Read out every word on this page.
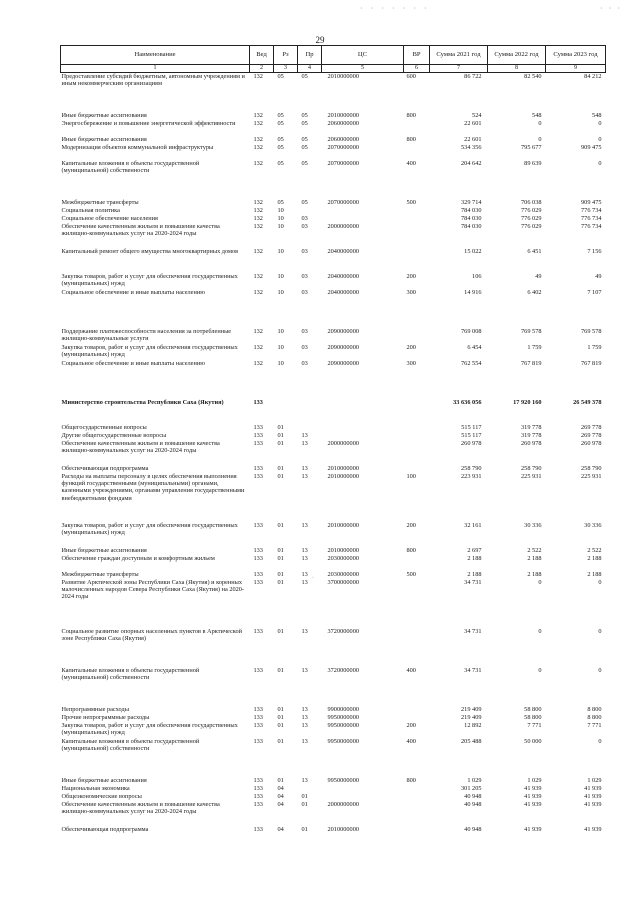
· · · · · · ·	· · ·
29
Наименование	Вед	Рз	Пр	ЦС	ВР	Сумма 2021 год	Сумма 2022 год	Сумма 2023 год
1	2	3	4	5	6	7	8	9
Предоставление субсидий бюджетным, автономным учреждениям и иным некоммерческим организациям	132	05	05	2010000000	600	86 722	82 540	84 212

Иные бюджетные ассигнования	132	05	05	2010000000	800	524	548	548
Энергосбережение и повышение энергетической эффективности	132	05	05	2060000000		22 601	0	0
Иные бюджетные ассигнования	132	05	05	2060000000	800	22 601	0	0
Модернизация объектов коммунальной инфраструктуры	132	05	05	2070000000		534 356	795 677	909 475
Капитальные вложения в объекты государственной (муниципальной) собственности	132	05	05	2070000000	400	204 642	89 639	0

Межбюджетные трансферты	132	05	05	2070000000	500	329 714	706 038	909 475
Социальная политика	132	10				784 030	776 029	776 734
Социальное обеспечение населения	132	10	03			784 030	776 029	776 734
Обеспечение качественным жильем и повышение качества жилищно-коммунальных услуг на 2020-2024 годы	132	10	03	2000000000		784 030	776 029	776 734
Капитальный ремонт общего имущества многоквартирных домов	132	10	03	2040000000		15 022	6 451	7 156
Закупка товаров, работ и услуг для обеспечения государственных (муниципальных) нужд	132	10	03	2040000000	200	106	49	49
Социальное обеспечение и иные выплаты населению	132	10	03	2040000000	300	14 916	6 402	7 107

Поддержание платежеспособности населения за потребленные жилищно-коммунальные услуги	132	10	03	2090000000		769 008	769 578	769 578
Закупка товаров, работ и услуг для обеспечения государственных (муниципальных) нужд	132	10	03	2090000000	200	6 454	1 759	1 759
Социальное обеспечение и иные выплаты населению	132	10	03	2090000000	300	762 554	767 819	767 819

Министерство строительства Республики Саха (Якутия)	133					33 636 056	17 920 160	26 549 378
Общегосударственные вопросы	133	01				515 117	319 778	269 778
Другие общегосударственные вопросы	133	01	13			515 117	319 778	269 778
Обеспечение качественным жильем и повышение качества жилищно-коммунальных услуг на 2020-2024 годы	133	01	13	2000000000		260 978	260 978	260 978
Обеспечивающая подпрограмма	133	01	13	2010000000		258 790	258 790	258 790
Расходы на выплаты персоналу в целях обеспечения выполнения функций государственными (муниципальными) органами, казенными учреждениями, органами управления государственными внебюджетными фондами	133	01	13	2010000000	100	223 931	225 931	225 931

Закупка товаров, работ и услуг для обеспечения государственных (муниципальных) нужд	133	01	13	2010000000	200	32 161	30 336	30 336
Иные бюджетные ассигнования	133	01	13	2010000000	800	2 697	2 522	2 522
Обеспечение граждан доступным и комфортным жильем	133	01	13	2030000000		2 188	2 188	2 188
Межбюджетные трансферты	133	01	13	2030000000	500	2 188	2 188	2 188
Развитие Арктической зоны Республики Саха (Якутия) и коренных малочисленных народов Севера Республики Саха (Якутия) на 2020-2024 годы	133	01	13	3700000000		34 731	0	0

Социальное развитие опорных населенных пунктов в Арктической зоне Республики Саха (Якутия)	133	01	13	3720000000		34 731	0	0

Капитальные вложения в объекты государственной (муниципальной) собственности	133	01	13	3720000000	400	34 731	0	0

Непрограммные расходы	133	01	13	9900000000		219 409	58 800	8 800
Прочие непрограммные расходы	133	01	13	9950000000		219 409	58 800	8 800
Закупка товаров, работ и услуг для обеспечения государственных (муниципальных) нужд	133	01	13	9950000000	200	12 892	7 771	7 771
Капитальные вложения в объекты государственной (муниципальной) собственности	133	01	13	9950000000	400	205 488	50 000	0

Иные бюджетные ассигнования	133	01	13	9950000000	800	1 029	1 029	1 029
Национальная экономика	133	04				301 205	41 939	41 939
Общеэкономические вопросы	133	04	01			40 948	41 939	41 939
Обеспечение качественным жильем и повышение качества жилищно-коммунальных услуг на 2020-2024 годы	133	04	01	2000000000		40 948	41 939	41 939
Обеспечивающая подпрограмма	133	04	01	2010000000		40 948	41 939	41 939
·
